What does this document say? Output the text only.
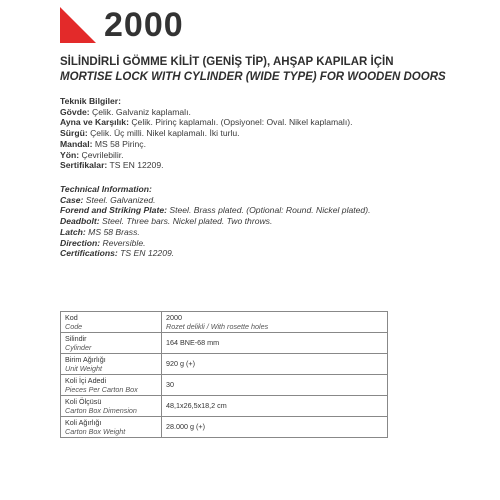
2000
SİLİNDİRLİ GÖMME KİLİT (GENİŞ TİP), AHŞAP KAPILAR İÇİN
MORTISE LOCK WITH CYLINDER (WIDE TYPE) FOR WOODEN DOORS
Teknik Bilgiler:
Gövde: Çelik. Galvaniz kaplamalı.
Ayna ve Karşılık: Çelik. Pirinç kaplamalı. (Opsiyonel: Oval. Nikel kaplamalı).
Sürgü: Çelik. Üç milli. Nikel kaplamalı. İki turlu.
Mandal: MS 58 Pirinç.
Yön: Çevrilebilir.
Sertifikalar: TS EN 12209.
Technical Information:
Case: Steel. Galvanized.
Forend and Striking Plate: Steel. Brass plated. (Optional: Round. Nickel plated).
Deadbolt: Steel. Three bars. Nickel plated. Two throws.
Latch: MS 58 Brass.
Direction: Reversible.
Certifications: TS EN 12209.
Kod
Code	2000
Rozet delikli / With rosette holes

Silindir
Cylinder	164 BNE-68 mm

Birim Ağırlığı
Unit Weight	920 g (+)

Koli İçi Adedi
Pieces Per Carton Box	30

Koli Ölçüsü
Carton Box Dimension	48,1x26,5x18,2 cm

Koli Ağırlığı
Carton Box Weight	28.000 g (+)
